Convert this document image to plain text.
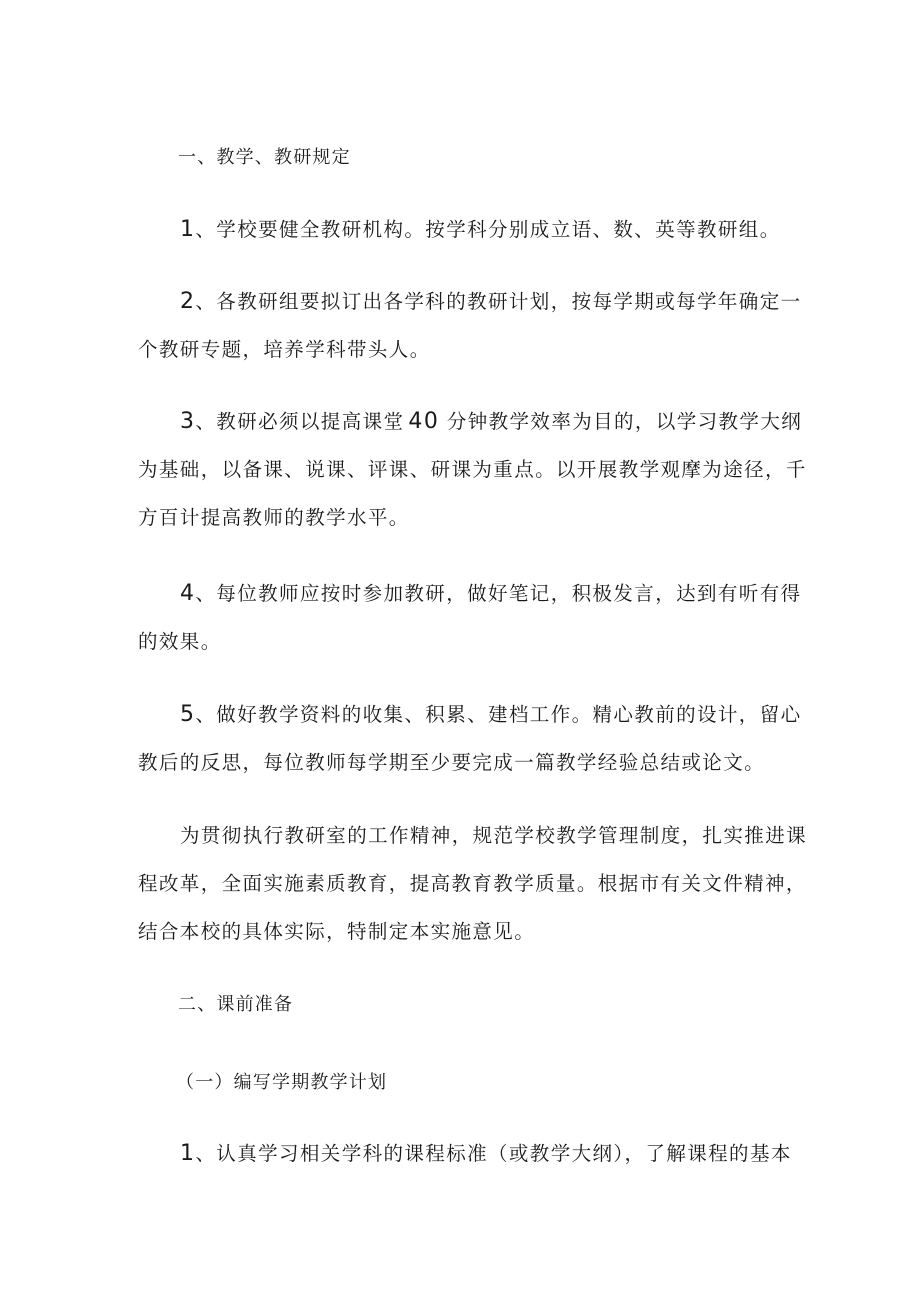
一、教学、教研规定
1、学校要健全教研机构。按学科分别成立语、数、英等教研组。
2、各教研组要拟订出各学科的教研计划，按每学期或每学年确定一
个教研专题，培养学科带头人。
3、教研必须以提高课堂 40 分钟教学效率为目的，以学习教学大纲
为基础，以备课、说课、评课、研课为重点。以开展教学观摩为途径，千
方百计提高教师的教学水平。
4、每位教师应按时参加教研，做好笔记，积极发言，达到有听有得
的效果。
5、做好教学资料的收集、积累、建档工作。精心教前的设计，留心
教后的反思，每位教师每学期至少要完成一篇教学经验总结或论文。
为贯彻执行教研室的工作精神，规范学校教学管理制度，扎实推进课
程改革，全面实施素质教育，提高教育教学质量。根据市有关文件精神，
结合本校的具体实际，特制定本实施意见。
二、课前准备
（一）编写学期教学计划
1、认真学习相关学科的课程标准（或教学大纲），了解课程的基本
